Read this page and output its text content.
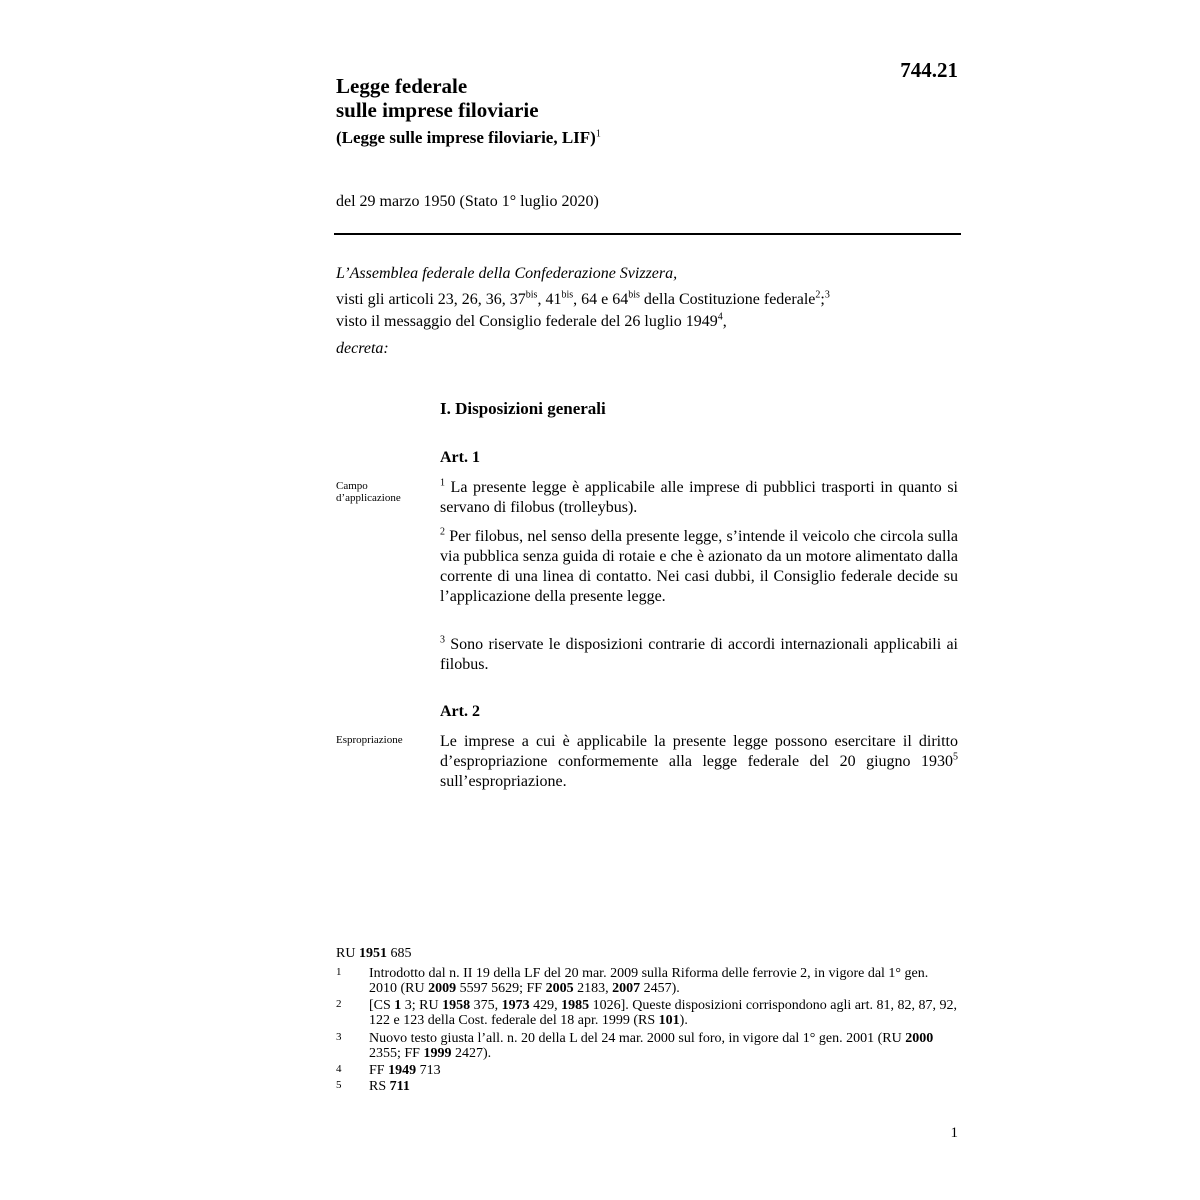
744.21
Legge federale
sulle imprese filoviarie
(Legge sulle imprese filoviarie, LIF)$^1$
del 29 marzo 1950 (Stato 1° luglio 2020)
L’Assemblea federale della Confederazione Svizzera,
visti gli articoli 23, 26, 36, $37^{bis}$, $41^{bis}$, 64 e $64^{bis}$ della Costituzione federale$^2$;$^3$
visto il messaggio del Consiglio federale del 26 luglio 1949$^4$,
decreta:
I. Disposizioni generali
Art. 1
Campo
d’applicazione
$^1$ La presente legge è applicabile alle imprese di pubblici trasporti in quanto si servano di filobus (trolleybus).
$^2$ Per filobus, nel senso della presente legge, s’intende il veicolo che circola sulla via pubblica senza guida di rotaie e che è azionato da un motore alimentato dalla corrente di una linea di contatto. Nei casi dubbi, il Consiglio federale decide su l’applicazione della presente legge.
$^3$ Sono riservate le disposizioni contrarie di accordi internazionali applicabili ai filobus.
Art. 2
Espropriazione	Le imprese a cui è applicabile la presente legge possono esercitare il diritto d’espropriazione conformemente alla legge federale del 20 giugno 1930$^5$ sull’espropriazione.
RU 1951 685
1 Introdotto dal n. II 19 della LF del 20 mar. 2009 sulla Riforma delle ferrovie 2, in vigore dal 1° gen. 2010 (RU 2009 5597 5629; FF 2005 2183, 2007 2457).
2 [CS 1 3; RU 1958 375, 1973 429, 1985 1026]. Queste disposizioni corrispondono agli art. 81, 82, 87, 92, 122 e 123 della Cost. federale del 18 apr. 1999 (RS 101).
3 Nuovo testo giusta l’all. n. 20 della L del 24 mar. 2000 sul foro, in vigore dal 1° gen. 2001 (RU 2000 2355; FF 1999 2427).
4 FF 1949 713
5 RS 711
1
